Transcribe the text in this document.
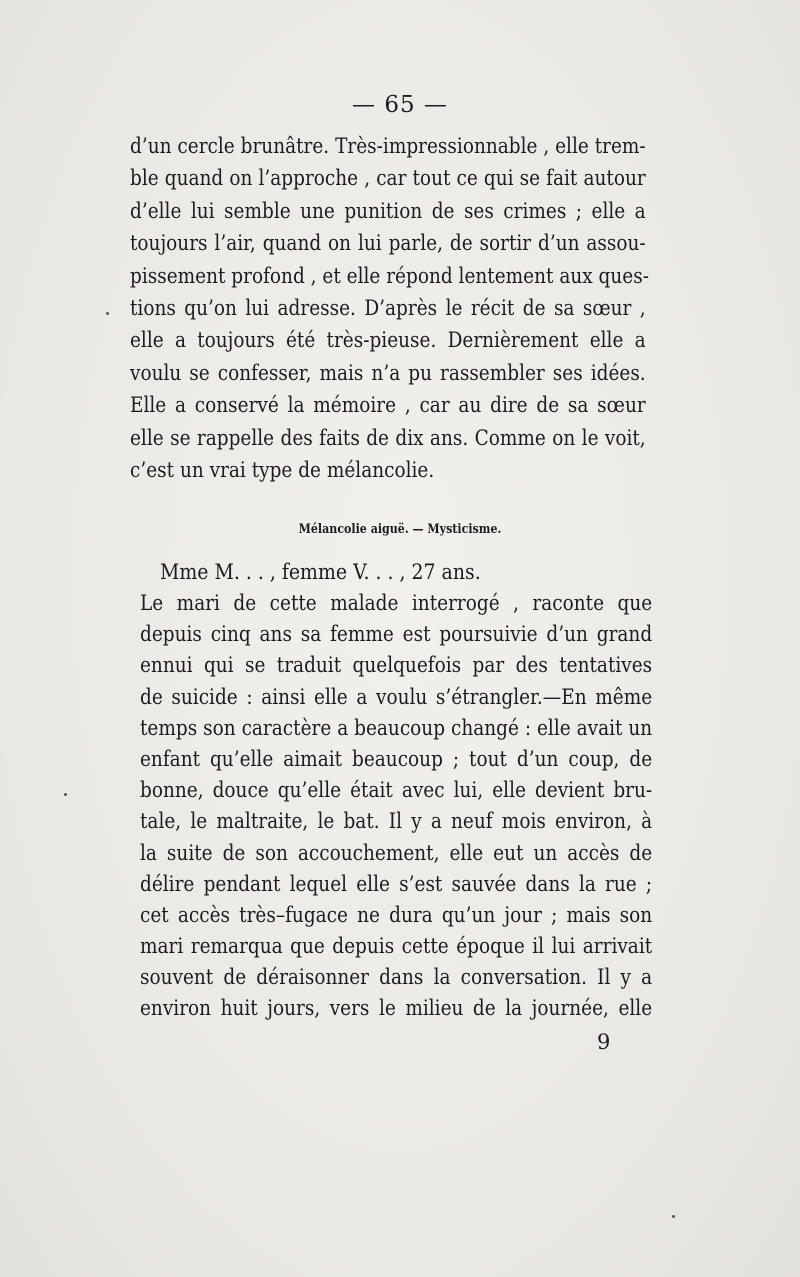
— 65 —
d’un cercle brunâtre. Très-impressionnable , elle trem-
ble quand on l’approche , car tout ce qui se fait autour
d’elle lui semble une punition de ses crimes ; elle a
toujours l’air, quand on lui parle, de sortir d’un assou-
pissement profond , et elle répond lentement aux ques-
tions qu’on lui adresse. D’après le récit de sa sœur ,
elle a toujours été très-pieuse. Dernièrement elle a
voulu se confesser, mais n’a pu rassembler ses idées.
Elle a conservé la mémoire , car au dire de sa sœur
elle se rappelle des faits de dix ans. Comme on le voit,
c’est un vrai type de mélancolie.
Mélancolie aiguë. — Mysticisme.
Mme M. . . , femme V. . . , 27 ans.
Le mari de cette malade interrogé , raconte que
depuis cinq ans sa femme est poursuivie d’un grand
ennui qui se traduit quelquefois par des tentatives
de suicide : ainsi elle a voulu s’étrangler.—En même
temps son caractère a beaucoup changé : elle avait un
enfant qu’elle aimait beaucoup ; tout d’un coup, de
bonne, douce qu’elle était avec lui, elle devient bru-
tale, le maltraite, le bat. Il y a neuf mois environ, à
la suite de son accouchement, elle eut un accès de
délire pendant lequel elle s’est sauvée dans la rue ;
cet accès très–fugace ne dura qu’un jour ; mais son
mari remarqua que depuis cette époque il lui arrivait
souvent de déraisonner dans la conversation. Il y a
environ huit jours, vers le milieu de la journée, elle
9
